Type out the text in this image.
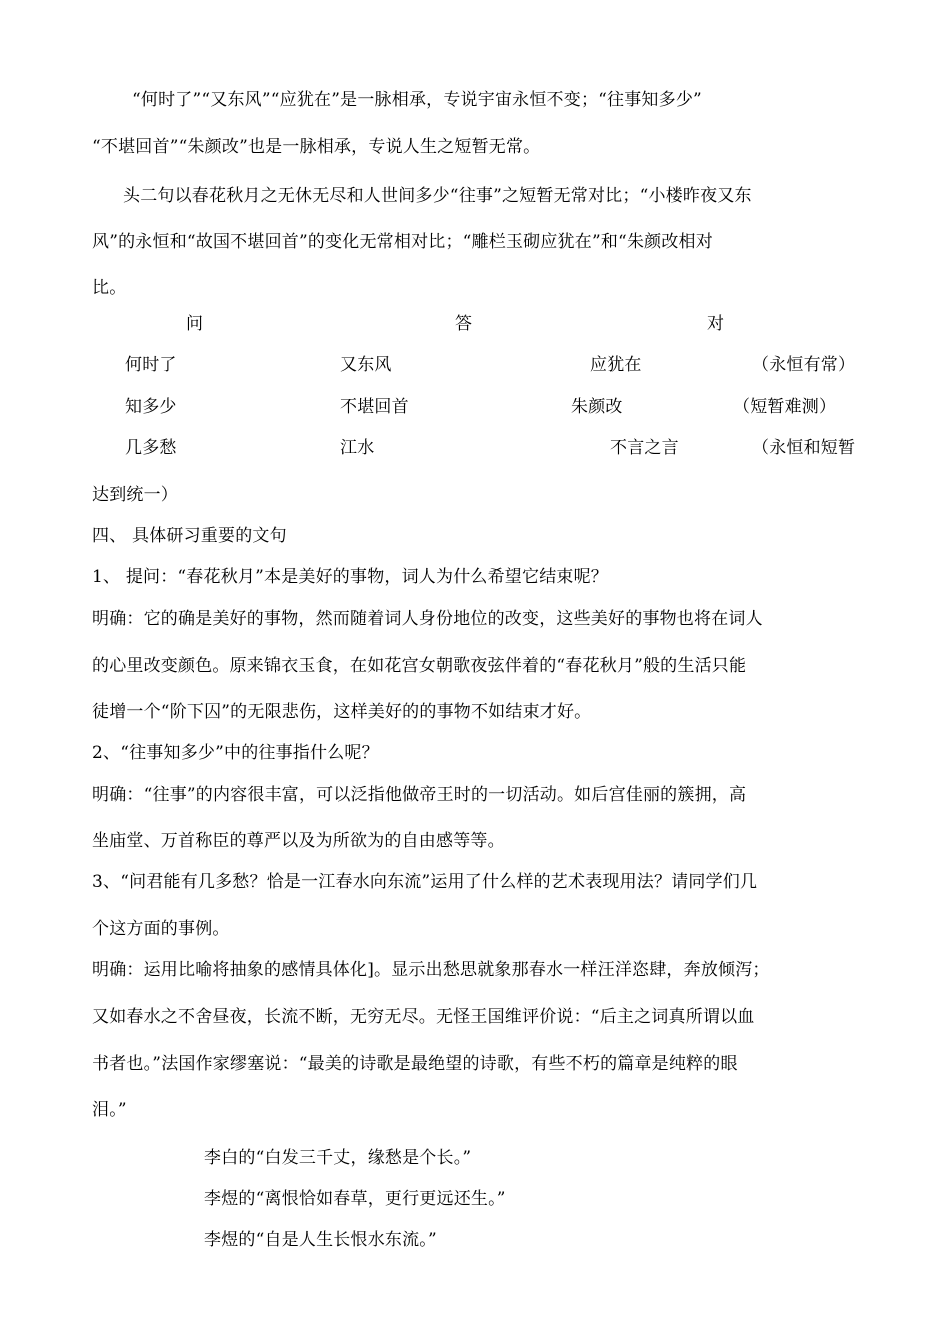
“何时了”“又东风”“应犹在”是一脉相承，专说宇宙永恒不变；“往事知多少”
“不堪回首”“朱颜改”也是一脉相承，专说人生之短暂无常。
头二句以春花秋月之无休无尽和人世间多少“往事”之短暂无常对比；“小楼昨夜又东
风”的永恒和“故国不堪回首”的变化无常相对比；“雕栏玉砌应犹在”和“朱颜改相对
比。
问	答	对
何时了	又东风	应犹在	（永恒有常）
知多少	不堪回首	朱颜改	（短暂难测）
几多愁	江水	不言之言	（永恒和短暂
达到统一）
四、 具体研习重要的文句
1、 提问：“春花秋月”本是美好的事物，词人为什么希望它结束呢？
明确：它的确是美好的事物，然而随着词人身份地位的改变，这些美好的事物也将在词人
的心里改变颜色。原来锦衣玉食，在如花宫女朝歌夜弦伴着的“春花秋月”般的生活只能
徒增一个“阶下囚”的无限悲伤，这样美好的的事物不如结束才好。
2、“往事知多少”中的往事指什么呢？
明确：“往事”的内容很丰富，可以泛指他做帝王时的一切活动。如后宫佳丽的簇拥，高
坐庙堂、万首称臣的尊严以及为所欲为的自由感等等。
3、“问君能有几多愁？恰是一江春水向东流”运用了什么样的艺术表现用法？请同学们几
个这方面的事例。
明确：运用比喻将抽象的感情具体化]。显示出愁思就象那春水一样汪洋恣肆，奔放倾泻；
又如春水之不舍昼夜，长流不断，无穷无尽。无怪王国维评价说：“后主之词真所谓以血
书者也。”法国作家缪塞说：“最美的诗歌是最绝望的诗歌，有些不朽的篇章是纯粹的眼
泪。”
李白的“白发三千丈，缘愁是个长。”
李煜的“离恨恰如春草，更行更远还生。”
李煜的“自是人生长恨水东流。”
